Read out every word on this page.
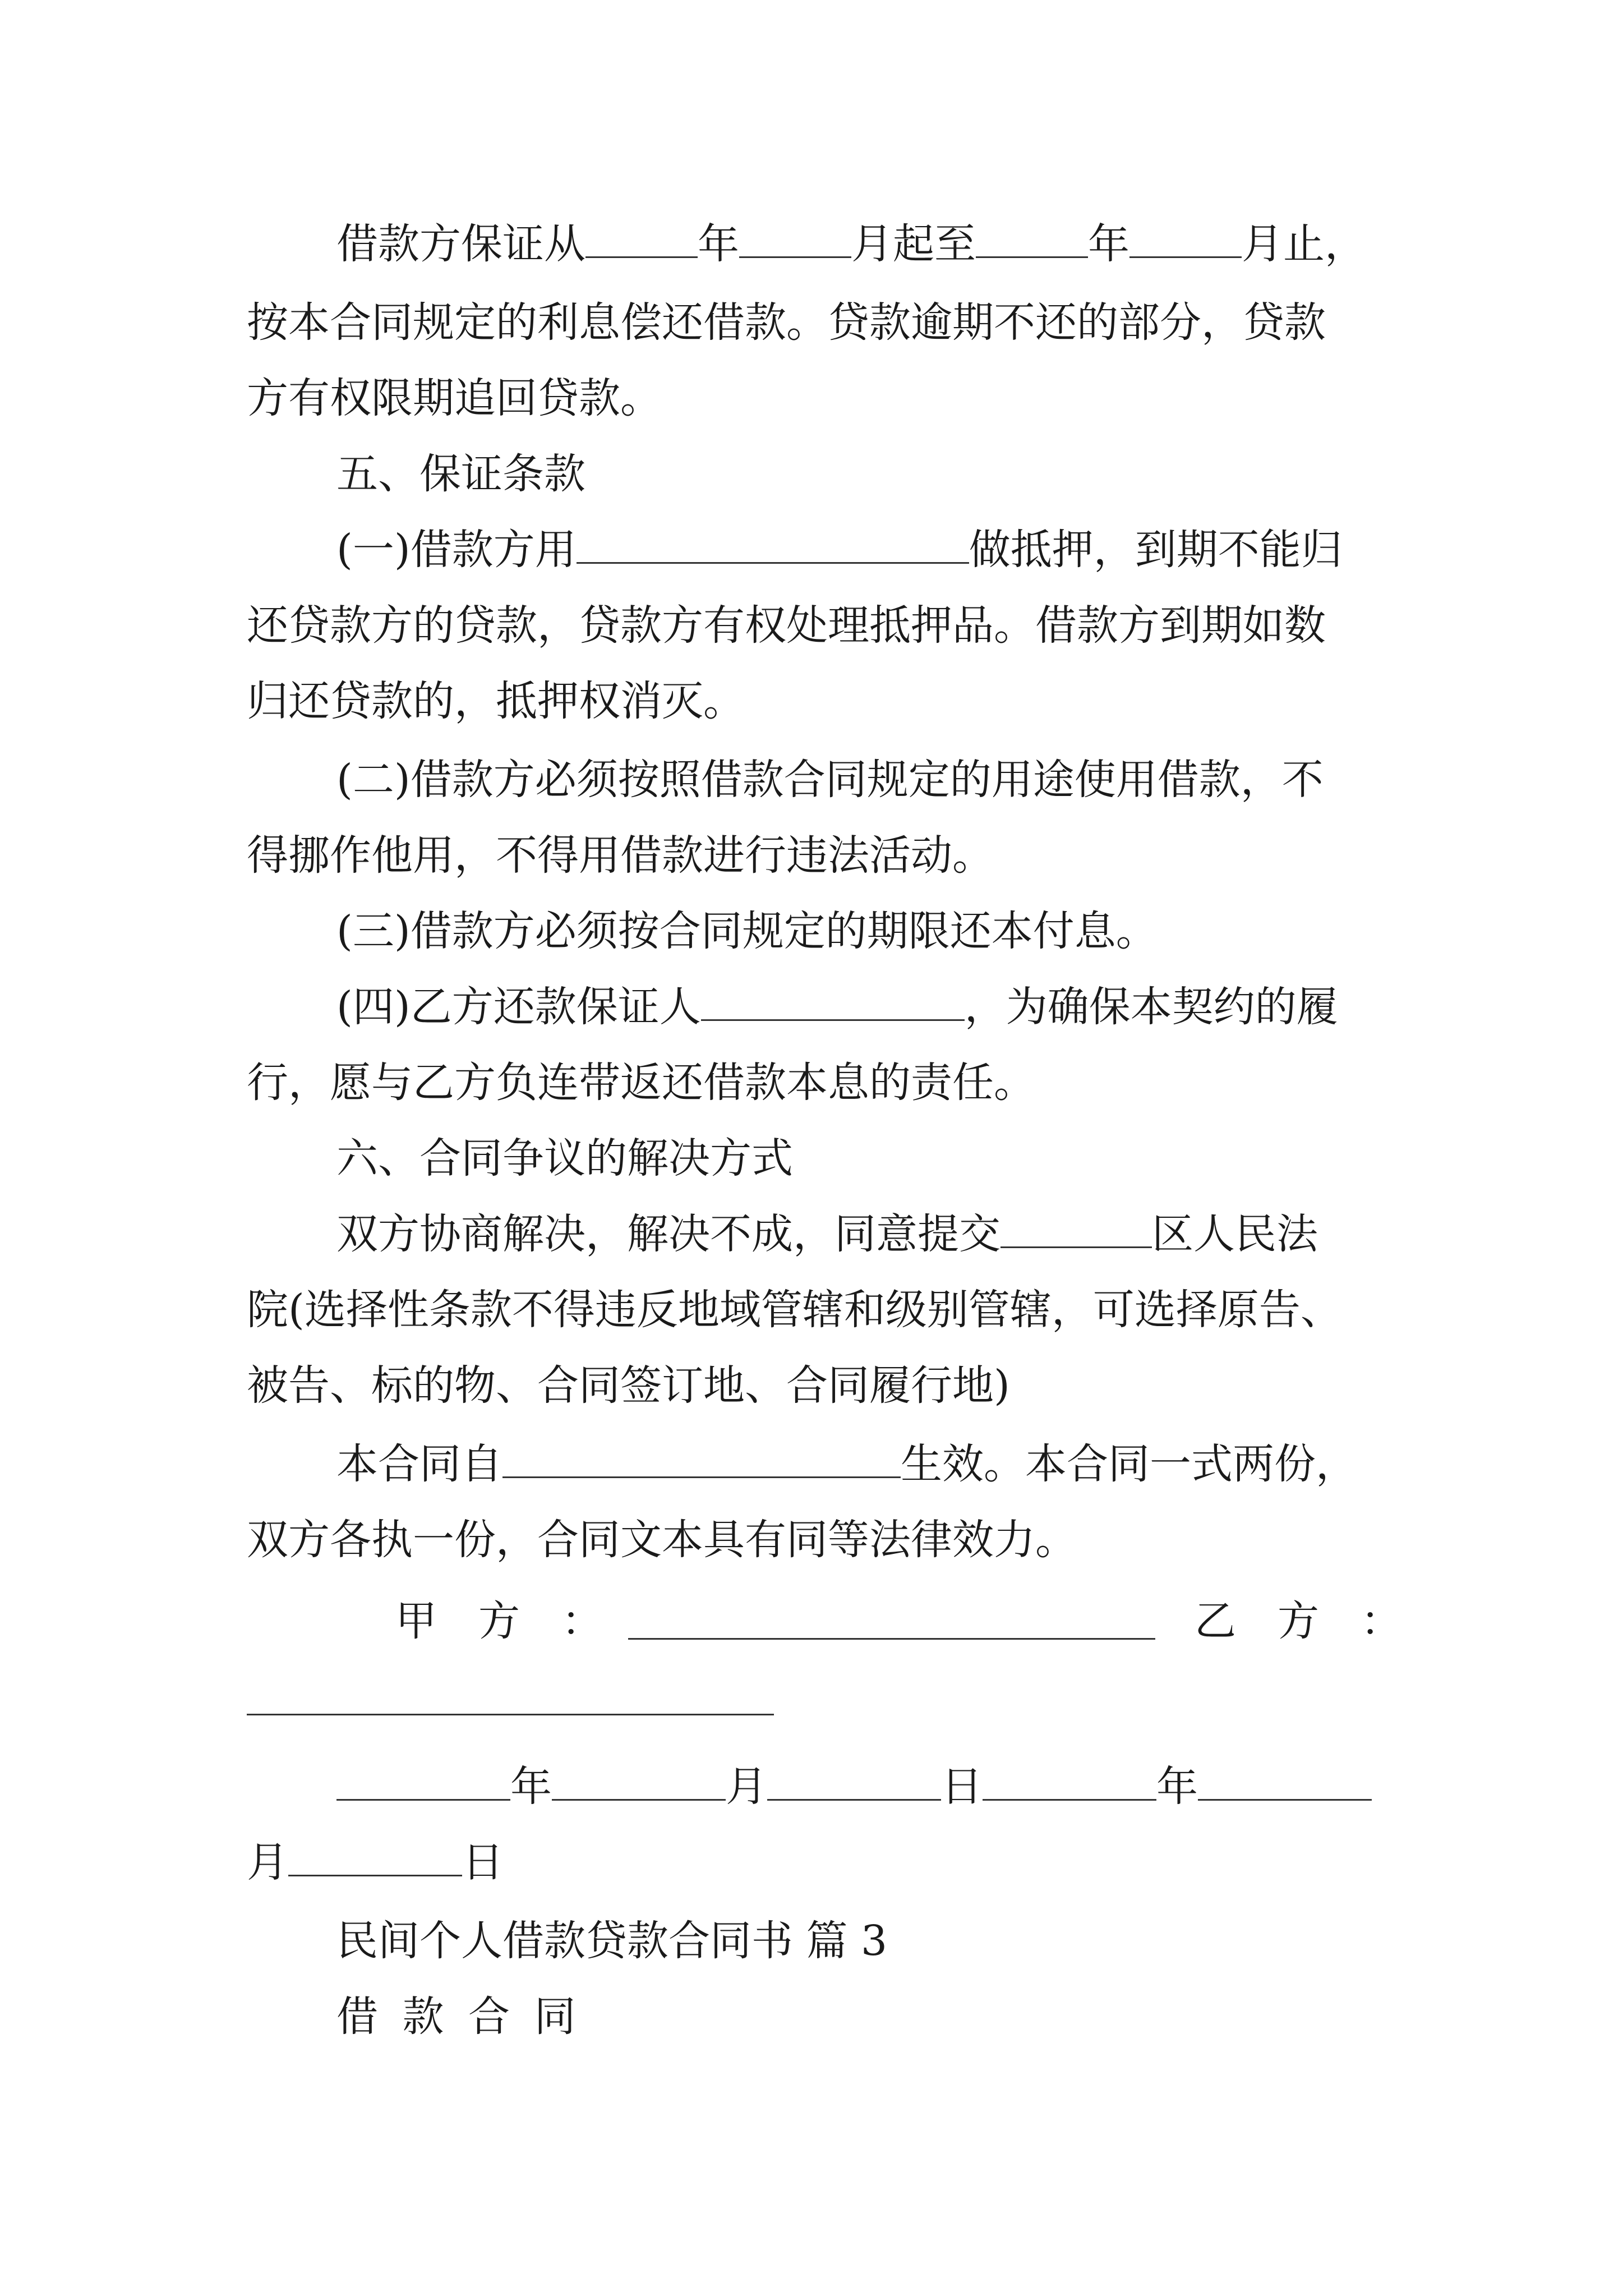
借款方保证从	年	月起至	年	月止，
按本合同规定的利息偿还借款。贷款逾期不还的部分，贷款
方有权限期追回贷款。
五、保证条款
(一)借款方用	做抵押，到期不能归
还贷款方的贷款，贷款方有权处理抵押品。借款方到期如数
归还贷款的，抵押权消灭。
(二)借款方必须按照借款合同规定的用途使用借款，不
得挪作他用，不得用借款进行违法活动。
(三)借款方必须按合同规定的期限还本付息。
(四)乙方还款保证人	，为确保本契约的履
行，愿与乙方负连带返还借款本息的责任。
六、合同争议的解决方式
双方协商解决，解决不成，同意提交	区人民法
院(选择性条款不得违反地域管辖和级别管辖，可选择原告、
被告、标的物、合同签订地、合同履行地)
本合同自	生效。本合同一式两份，
双方各执一份，合同文本具有同等法律效力。
甲　方　：	乙　方　：
年	月	日	年
月	日
民间个人借款贷款合同书 篇 3
借 款 合 同
